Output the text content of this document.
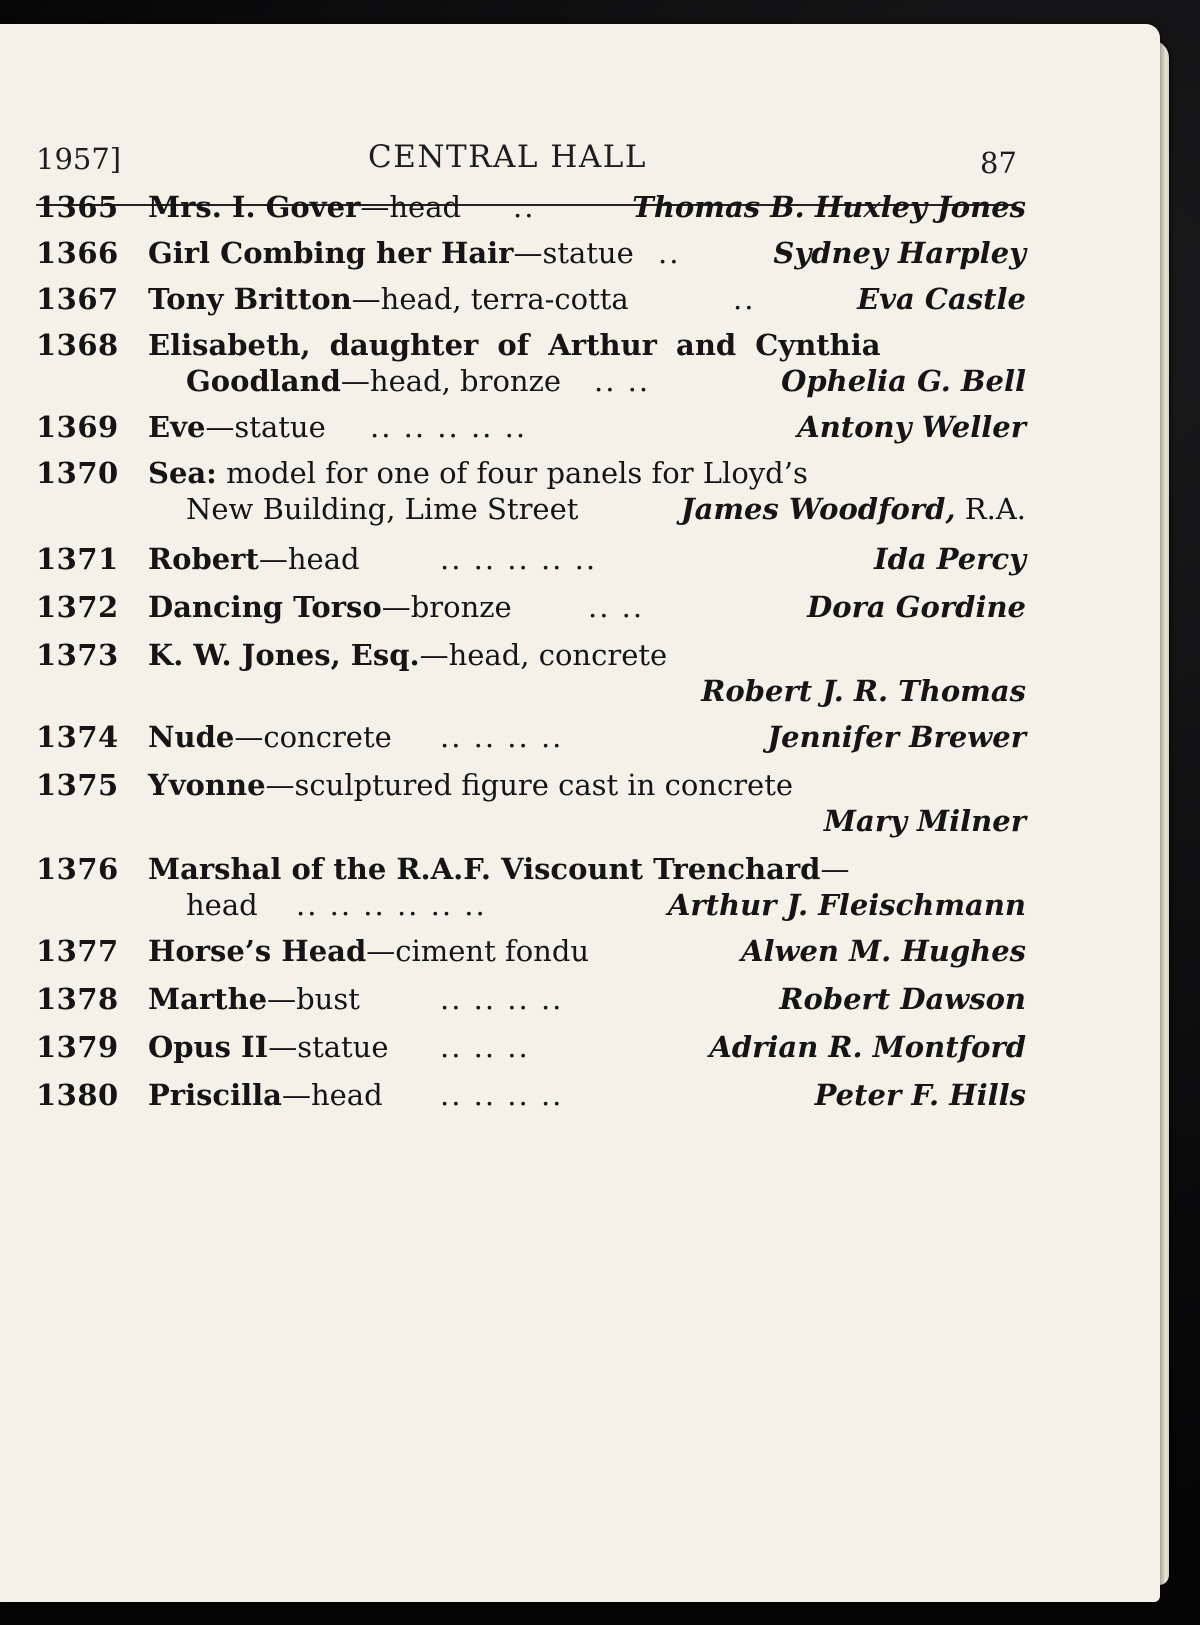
1957]	CENTRAL HALL	87
1365 Mrs. I. Gover—head ..	Thomas B. Huxley Jones
1366 Girl Combing her Hair—statue ..	Sydney Harpley
1367 Tony Britton—head, terra-cotta	..	Eva Castle
1368 Elisabeth, daughter of Arthur and Cynthia
Goodland—head, bronze .. ..	Ophelia G. Bell
1369 Eve—statue .. .. .. .. ..	Antony Weller
1370 Sea: model for one of four panels for Lloyd’s
New Building, Lime Street	James Woodford, R.A.
1371 Robert—head	.. .. .. .. ..	Ida Percy
1372 Dancing Torso—bronze	.. ..	Dora Gordine
1373 K. W. Jones, Esq.—head, concrete
Robert J. R. Thomas
1374 Nude—concrete .. .. .. ..	Jennifer Brewer
1375 Yvonne—sculptured figure cast in concrete
Mary Milner
1376 Marshal of the R.A.F. Viscount Trenchard—
head .. .. .. .. .. ..	Arthur J. Fleischmann
1377 Horse’s Head—ciment fondu	Alwen M. Hughes
1378 Marthe—bust	.. .. .. ..	Robert Dawson
1379 Opus II—statue .. .. ..	Adrian R. Montford
1380 Priscilla—head .. .. .. ..	Peter F. Hills
